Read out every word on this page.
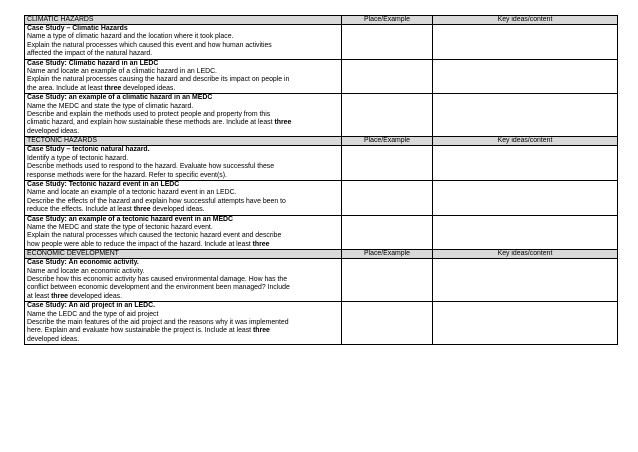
CLIMATIC HAZARDS	Place/Example	Key ideas/content

Case Study – Climatic Hazards
Name a type of climatic hazard and the location where it took place.
Explain the natural processes which caused this event and how human activities
affected the impact of the natural hazard.		

Case Study: Climatic hazard in an LEDC
Name and locate an example of a climatic hazard in an LEDC.
Explain the natural processes causing the hazard and describe its impact on people in
the area. Include at least three developed ideas.		

Case Study: an example of a climatic hazard in an MEDC
Name the MEDC and state the type of climatic hazard.
Describe and explain the methods used to protect people and property from this
climatic hazard, and explain how sustainable these methods are. Include at least three
developed ideas.		

TECTONIC HAZARDS	Place/Example	Key ideas/content

Case Study – tectonic natural hazard.
Identify a type of tectonic hazard.
Describe methods used to respond to the hazard. Evaluate how successful these
response methods were for the hazard. Refer to specific event(s).		

Case Study: Tectonic hazard event in an LEDC
Name and locate an example of a tectonic hazard event in an LEDC.
Describe the effects of the hazard and explain how successful attempts have been to
reduce the effects. Include at least three developed ideas.		

Case Study: an example of a tectonic hazard event in an MEDC
Name the MEDC and state the type of tectonic hazard event.
Explain the natural processes which caused the tectonic hazard event and describe
how people were able to reduce the impact of the hazard. Include at least three		

ECONOMIC DEVELOPMENT	Place/Example	Key ideas/content

Case Study: An economic activity.
Name and locate an economic activity.
Describe how this economic activity has caused environmental damage. How has the
conflict between economic development and the environment been managed? Include
at least three developed ideas.		

Case Study: An aid project in an LEDC.
Name the LEDC and the type of aid project
Describe the main features of the aid project and the reasons why it was implemented
here. Explain and evaluate how sustainable the project is. Include at least three
developed ideas.		
